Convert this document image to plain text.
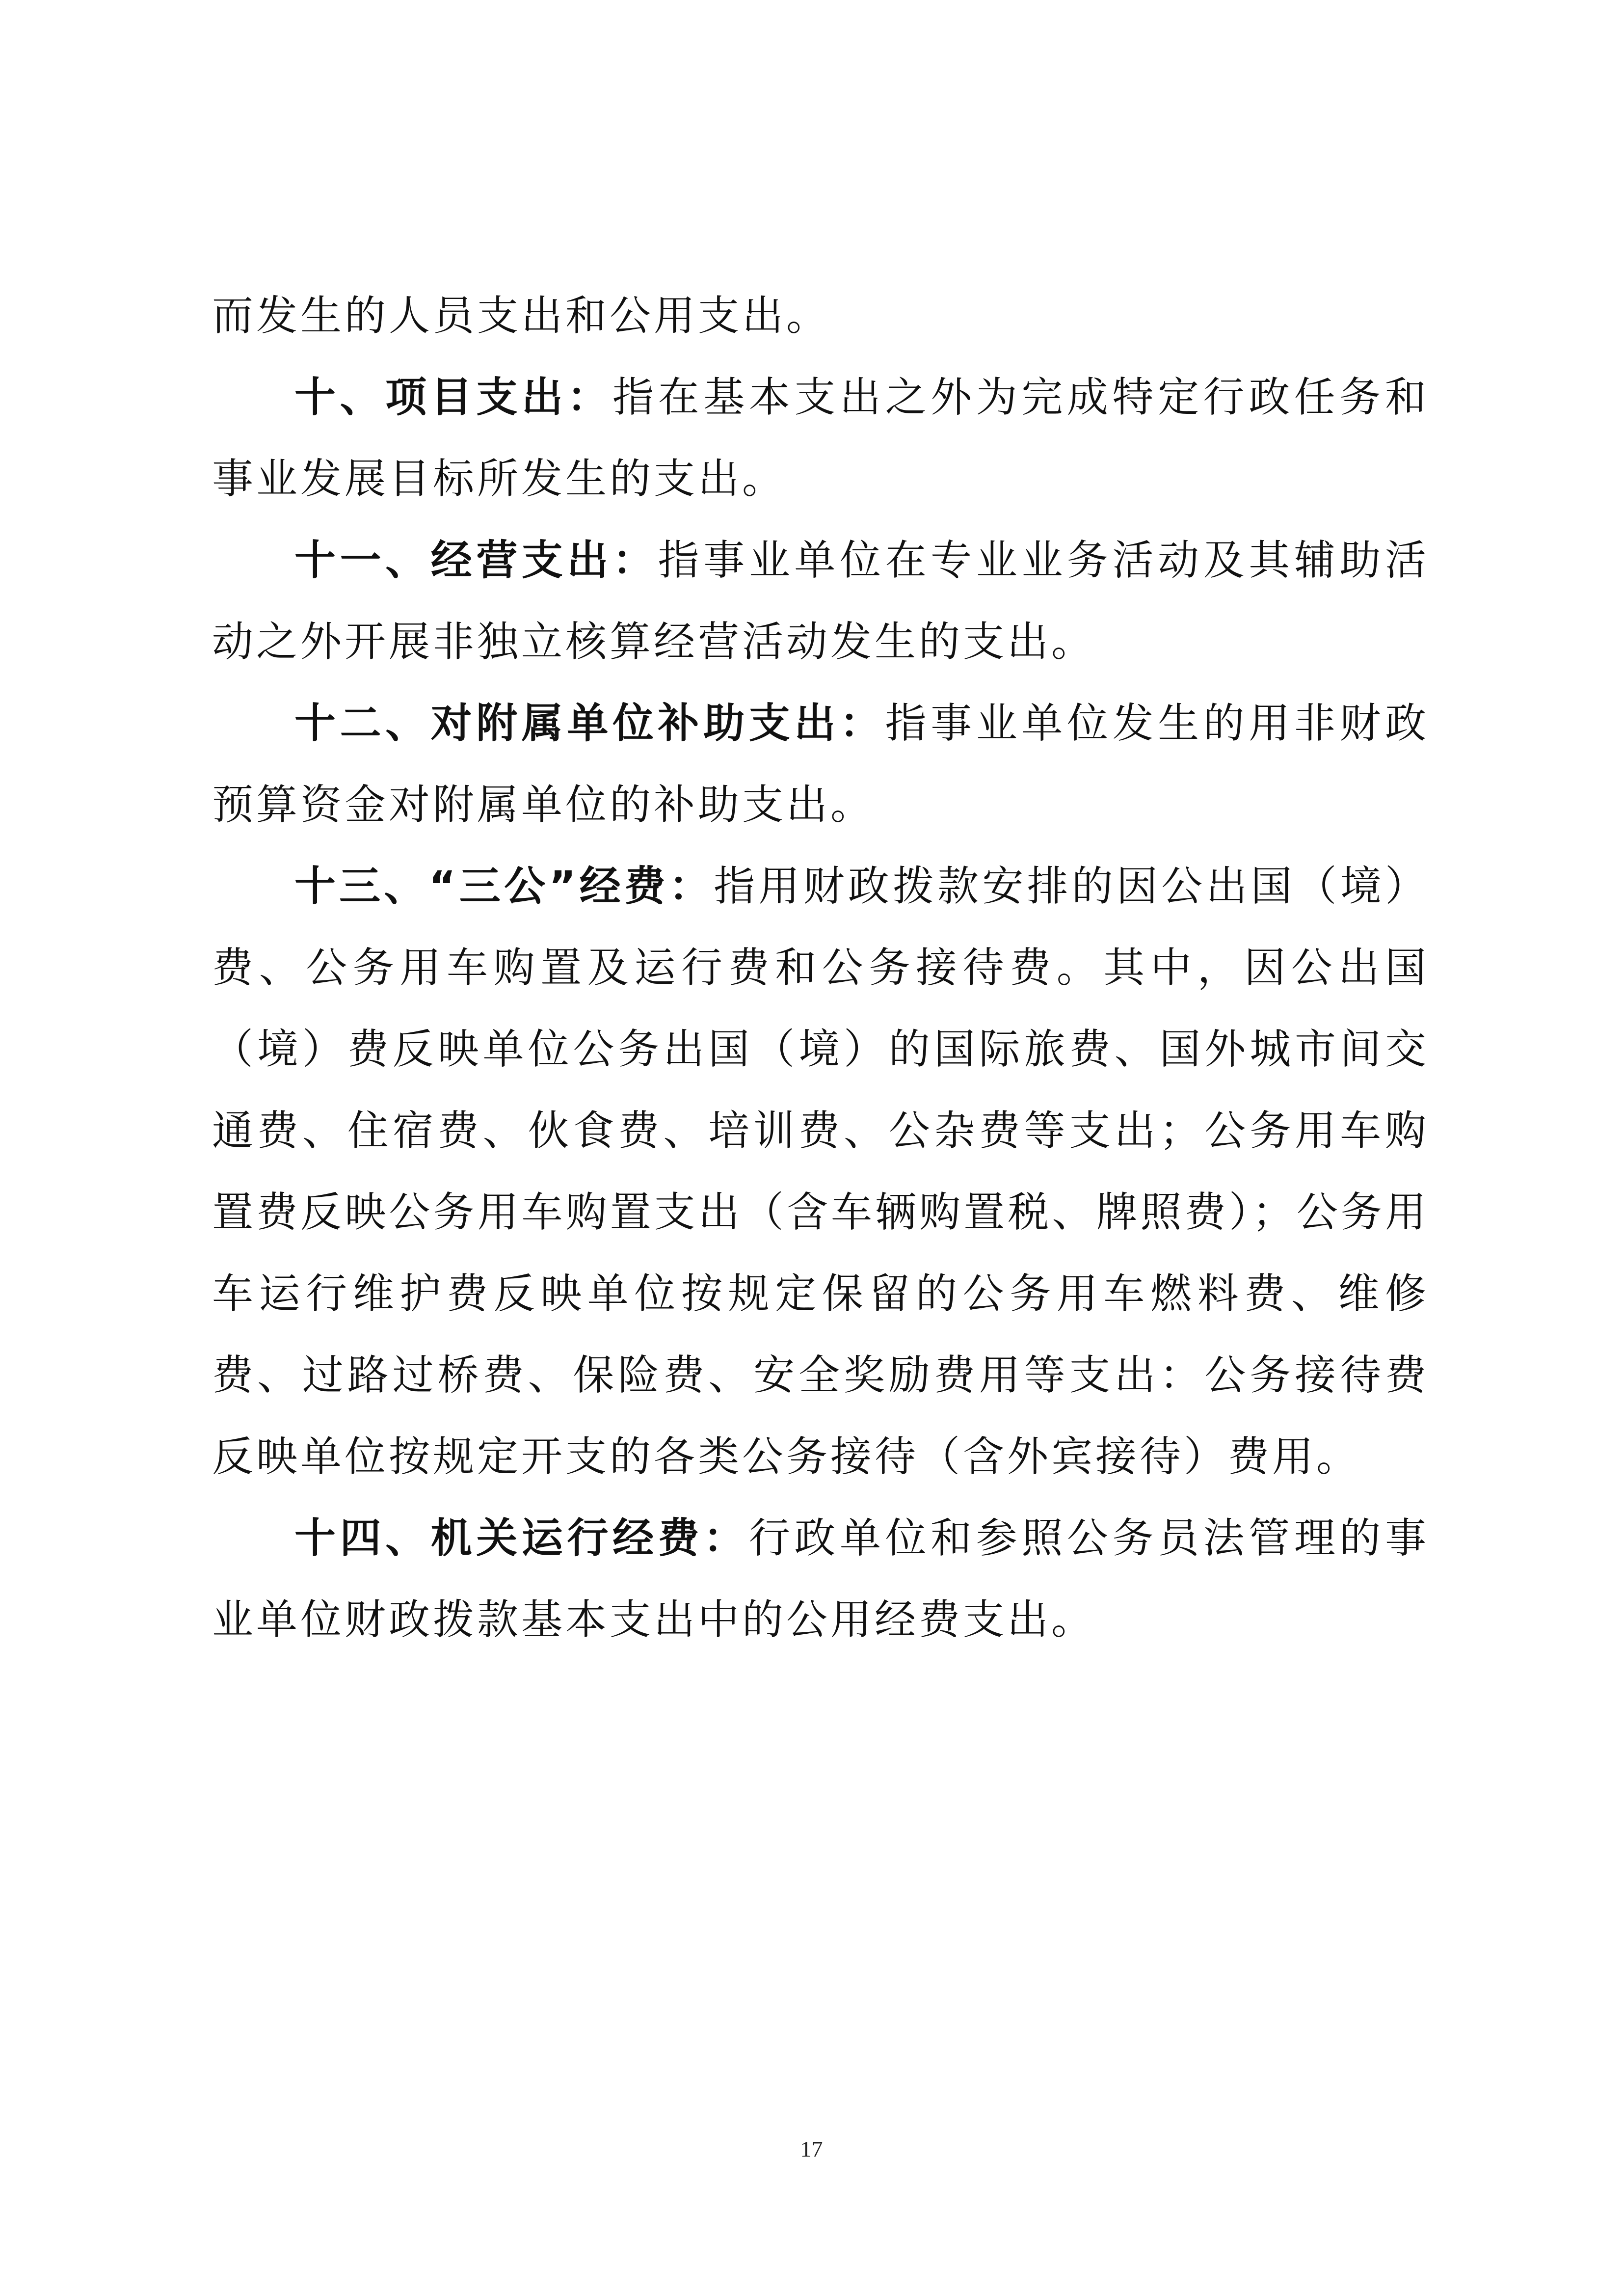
而发生的人员支出和公用支出。

十、项目支出：指在基本支出之外为完成特定行政任务和事业发展目标所发生的支出。

十一、经营支出：指事业单位在专业业务活动及其辅助活动之外开展非独立核算经营活动发生的支出。

十二、对附属单位补助支出：指事业单位发生的用非财政预算资金对附属单位的补助支出。

十三、“三公”经费：指用财政拨款安排的因公出国（境）费、公务用车购置及运行费和公务接待费。其中，因公出国（境）费反映单位公务出国（境）的国际旅费、国外城市间交通费、住宿费、伙食费、培训费、公杂费等支出；公务用车购置费反映公务用车购置支出（含车辆购置税、牌照费）；公务用车运行维护费反映单位按规定保留的公务用车燃料费、维修费、过路过桥费、保险费、安全奖励费用等支出：公务接待费反映单位按规定开支的各类公务接待（含外宾接待）费用。

十四、机关运行经费：行政单位和参照公务员法管理的事业单位财政拨款基本支出中的公用经费支出。

17
